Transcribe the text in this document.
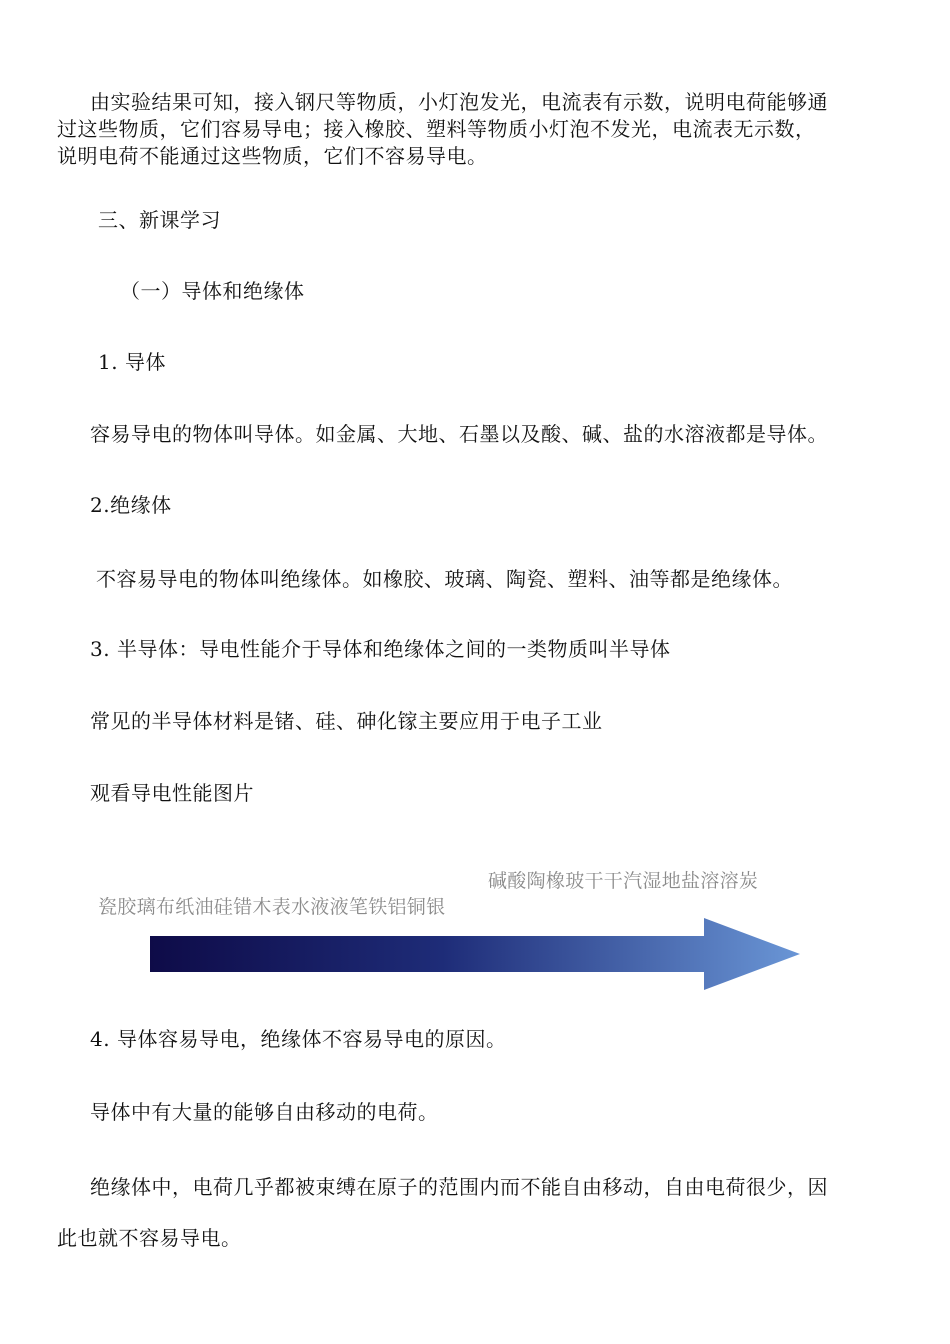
由实验结果可知，接入钢尺等物质，小灯泡发光，电流表有示数，说明电荷能够通
过这些物质，它们容易导电；接入橡胶、塑料等物质小灯泡不发光，电流表无示数，
说明电荷不能通过这些物质，它们不容易导电。
三、新课学习
（一）导体和绝缘体
1. 导体
容易导电的物体叫导体。如金属、大地、石墨以及酸、碱、盐的水溶液都是导体。
2.绝缘体
不容易导电的物体叫绝缘体。如橡胶、玻璃、陶瓷、塑料、油等都是绝缘体。
3. 半导体：导电性能介于导体和绝缘体之间的一类物质叫半导体
常见的半导体材料是锗、硅、砷化镓主要应用于电子工业
观看导电性能图片
碱酸陶橡玻干干汽湿地盐溶溶炭
瓷胶璃布纸油硅错木表水液液笔铁铝铜银
4. 导体容易导电，绝缘体不容易导电的原因。
导体中有大量的能够自由移动的电荷。
绝缘体中，电荷几乎都被束缚在原子的范围内而不能自由移动，自由电荷很少，因
此也就不容易导电。
